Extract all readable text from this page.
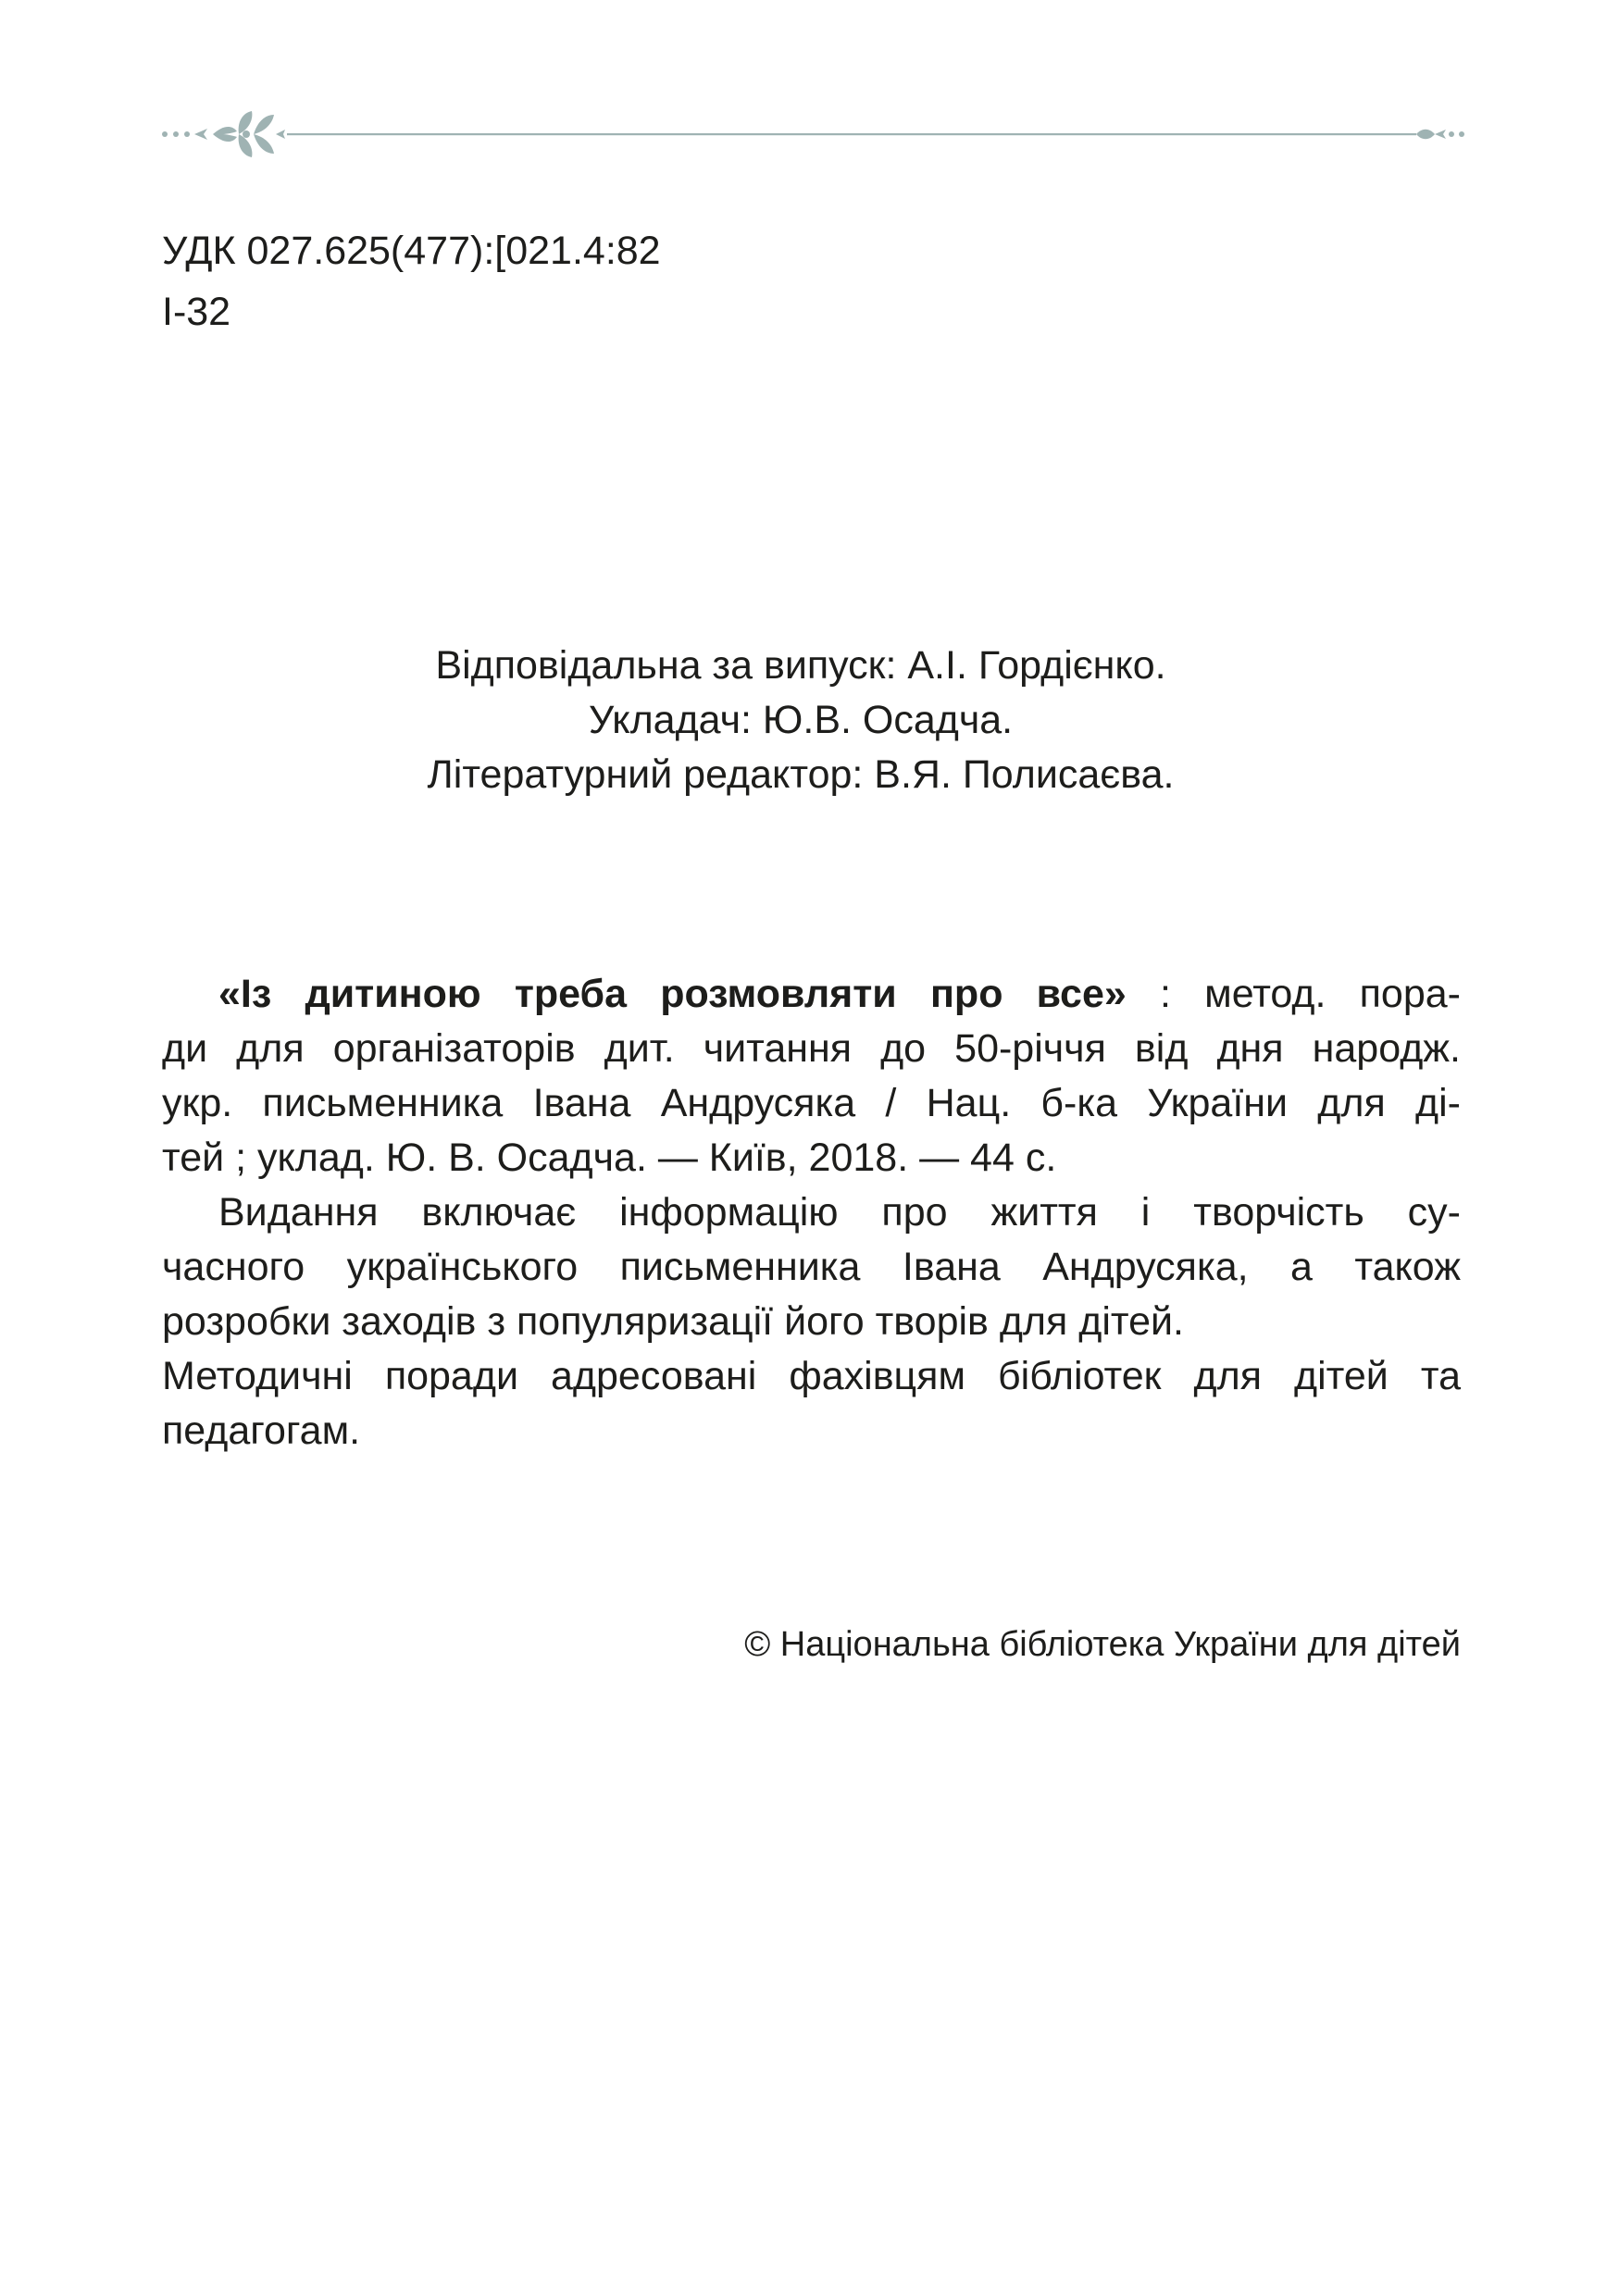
УДК 027.625(477):[021.4:82
І-32
Відповідальна за випуск: А.І. Гордієнко.
Укладач: Ю.В. Осадча.
Літературний редактор: В.Я. Полисаєва.
«Із дитиною треба розмовляти про все» : метод. пора-
ди для організаторів дит. читання до 50-річчя від дня народж.
укр. письменника Івана Андрусяка / Нац. б-ка України для ді-
тей ; уклад. Ю. В. Осадча. — Київ, 2018. — 44 с.
Видання включає інформацію про життя і творчість су-
часного українського письменника Івана Андрусяка, а також
розробки заходів з популяризації його творів для дітей.
Методичні поради адресовані фахівцям бібліотек для дітей та
педагогам.
© Національна бібліотека України для дітей
